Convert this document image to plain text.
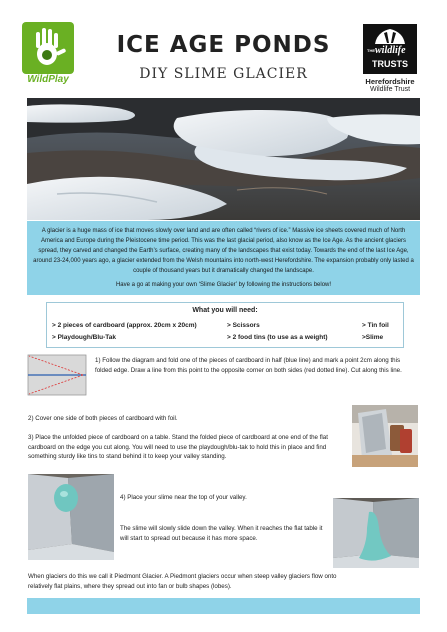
WildPlay
ICE AGE PONDS
DIY SLIME GLACIER
THE wildlife
TRUSTS
Herefordshire
Wildlife Trust

A glacier is a huge mass of ice that moves slowly over land and are often called “rivers of ice.” Massive ice sheets covered much of North America and Europe during the Pleistocene time period. This was the last glacial period, also know as the Ice Age. As the ancient glaciers spread, they carved and changed the Earth’s surface, creating many of the landscapes that exist today. Towards the end of the last Ice Age, around 23-24,000 years ago, a glacier extended from the Welsh mountains into north-west Herefordshire. The expansion probably only lasted a couple of thousand years but it dramatically changed the landscape.

Have a go at making your own ‘Slime Glacier’ by following the instructions below!

What you will need:
> 2 pieces of cardboard (approx. 20cm x 20cm)	> Scissors	> Tin foil
> Playdough/Blu-Tak	> 2 food tins (to use as a weight)	>Slime
1) Follow the diagram and fold one of the pieces of cardboard in half (blue line) and mark a point 2cm along this folded edge. Draw a line from this point to the opposite corner on both sides (red dotted line). Cut along this line.
2) Cover one side of both pieces of cardboard with foil.
3) Place the unfolded piece of cardboard on a table. Stand the folded piece of cardboard at one end of the flat cardboard on the edge you cut along. You will need to use the playdough/blu-tak to hold this in place and find something sturdy like tins to stand behind it to keep your valley standing.
4) Place your slime near the top of your valley.
The slime will slowly slide down the valley. When it reaches the flat table it will start to spread out because it has more space.
When glaciers do this we call it Piedmont Glacier. A Piedmont glaciers occur when steep valley glaciers flow onto relatively flat plains, where they spread out into fan or bulb shapes (lobes).
